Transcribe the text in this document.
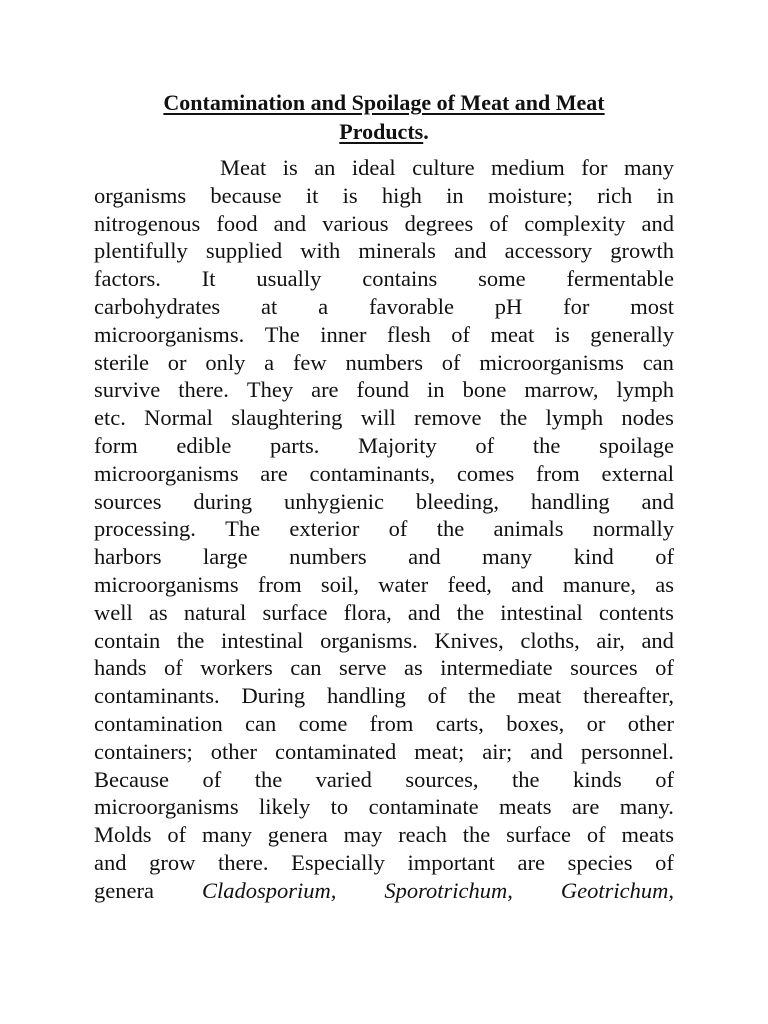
Contamination and Spoilage of Meat and Meat
Products.
Meat is an ideal culture medium for many
organisms because it is high in moisture; rich in
nitrogenous food and various degrees of complexity and
plentifully supplied with minerals and accessory growth
factors. It usually contains some fermentable
carbohydrates at a favorable pH for most
microorganisms. The inner flesh of meat is generally
sterile or only a few numbers of microorganisms can
survive there. They are found in bone marrow, lymph
etc. Normal slaughtering will remove the lymph nodes
form edible parts. Majority of the spoilage
microorganisms are contaminants, comes from external
sources during unhygienic bleeding, handling and
processing. The exterior of the animals normally
harbors large numbers and many kind of
microorganisms from soil, water feed, and manure, as
well as natural surface flora, and the intestinal contents
contain the intestinal organisms. Knives, cloths, air, and
hands of workers can serve as intermediate sources of
contaminants. During handling of the meat thereafter,
contamination can come from carts, boxes, or other
containers; other contaminated meat; air; and personnel.
Because of the varied sources, the kinds of
microorganisms likely to contaminate meats are many.
Molds of many genera may reach the surface of meats
and grow there. Especially important are species of
genera Cladosporium, Sporotrichum, Geotrichum,
